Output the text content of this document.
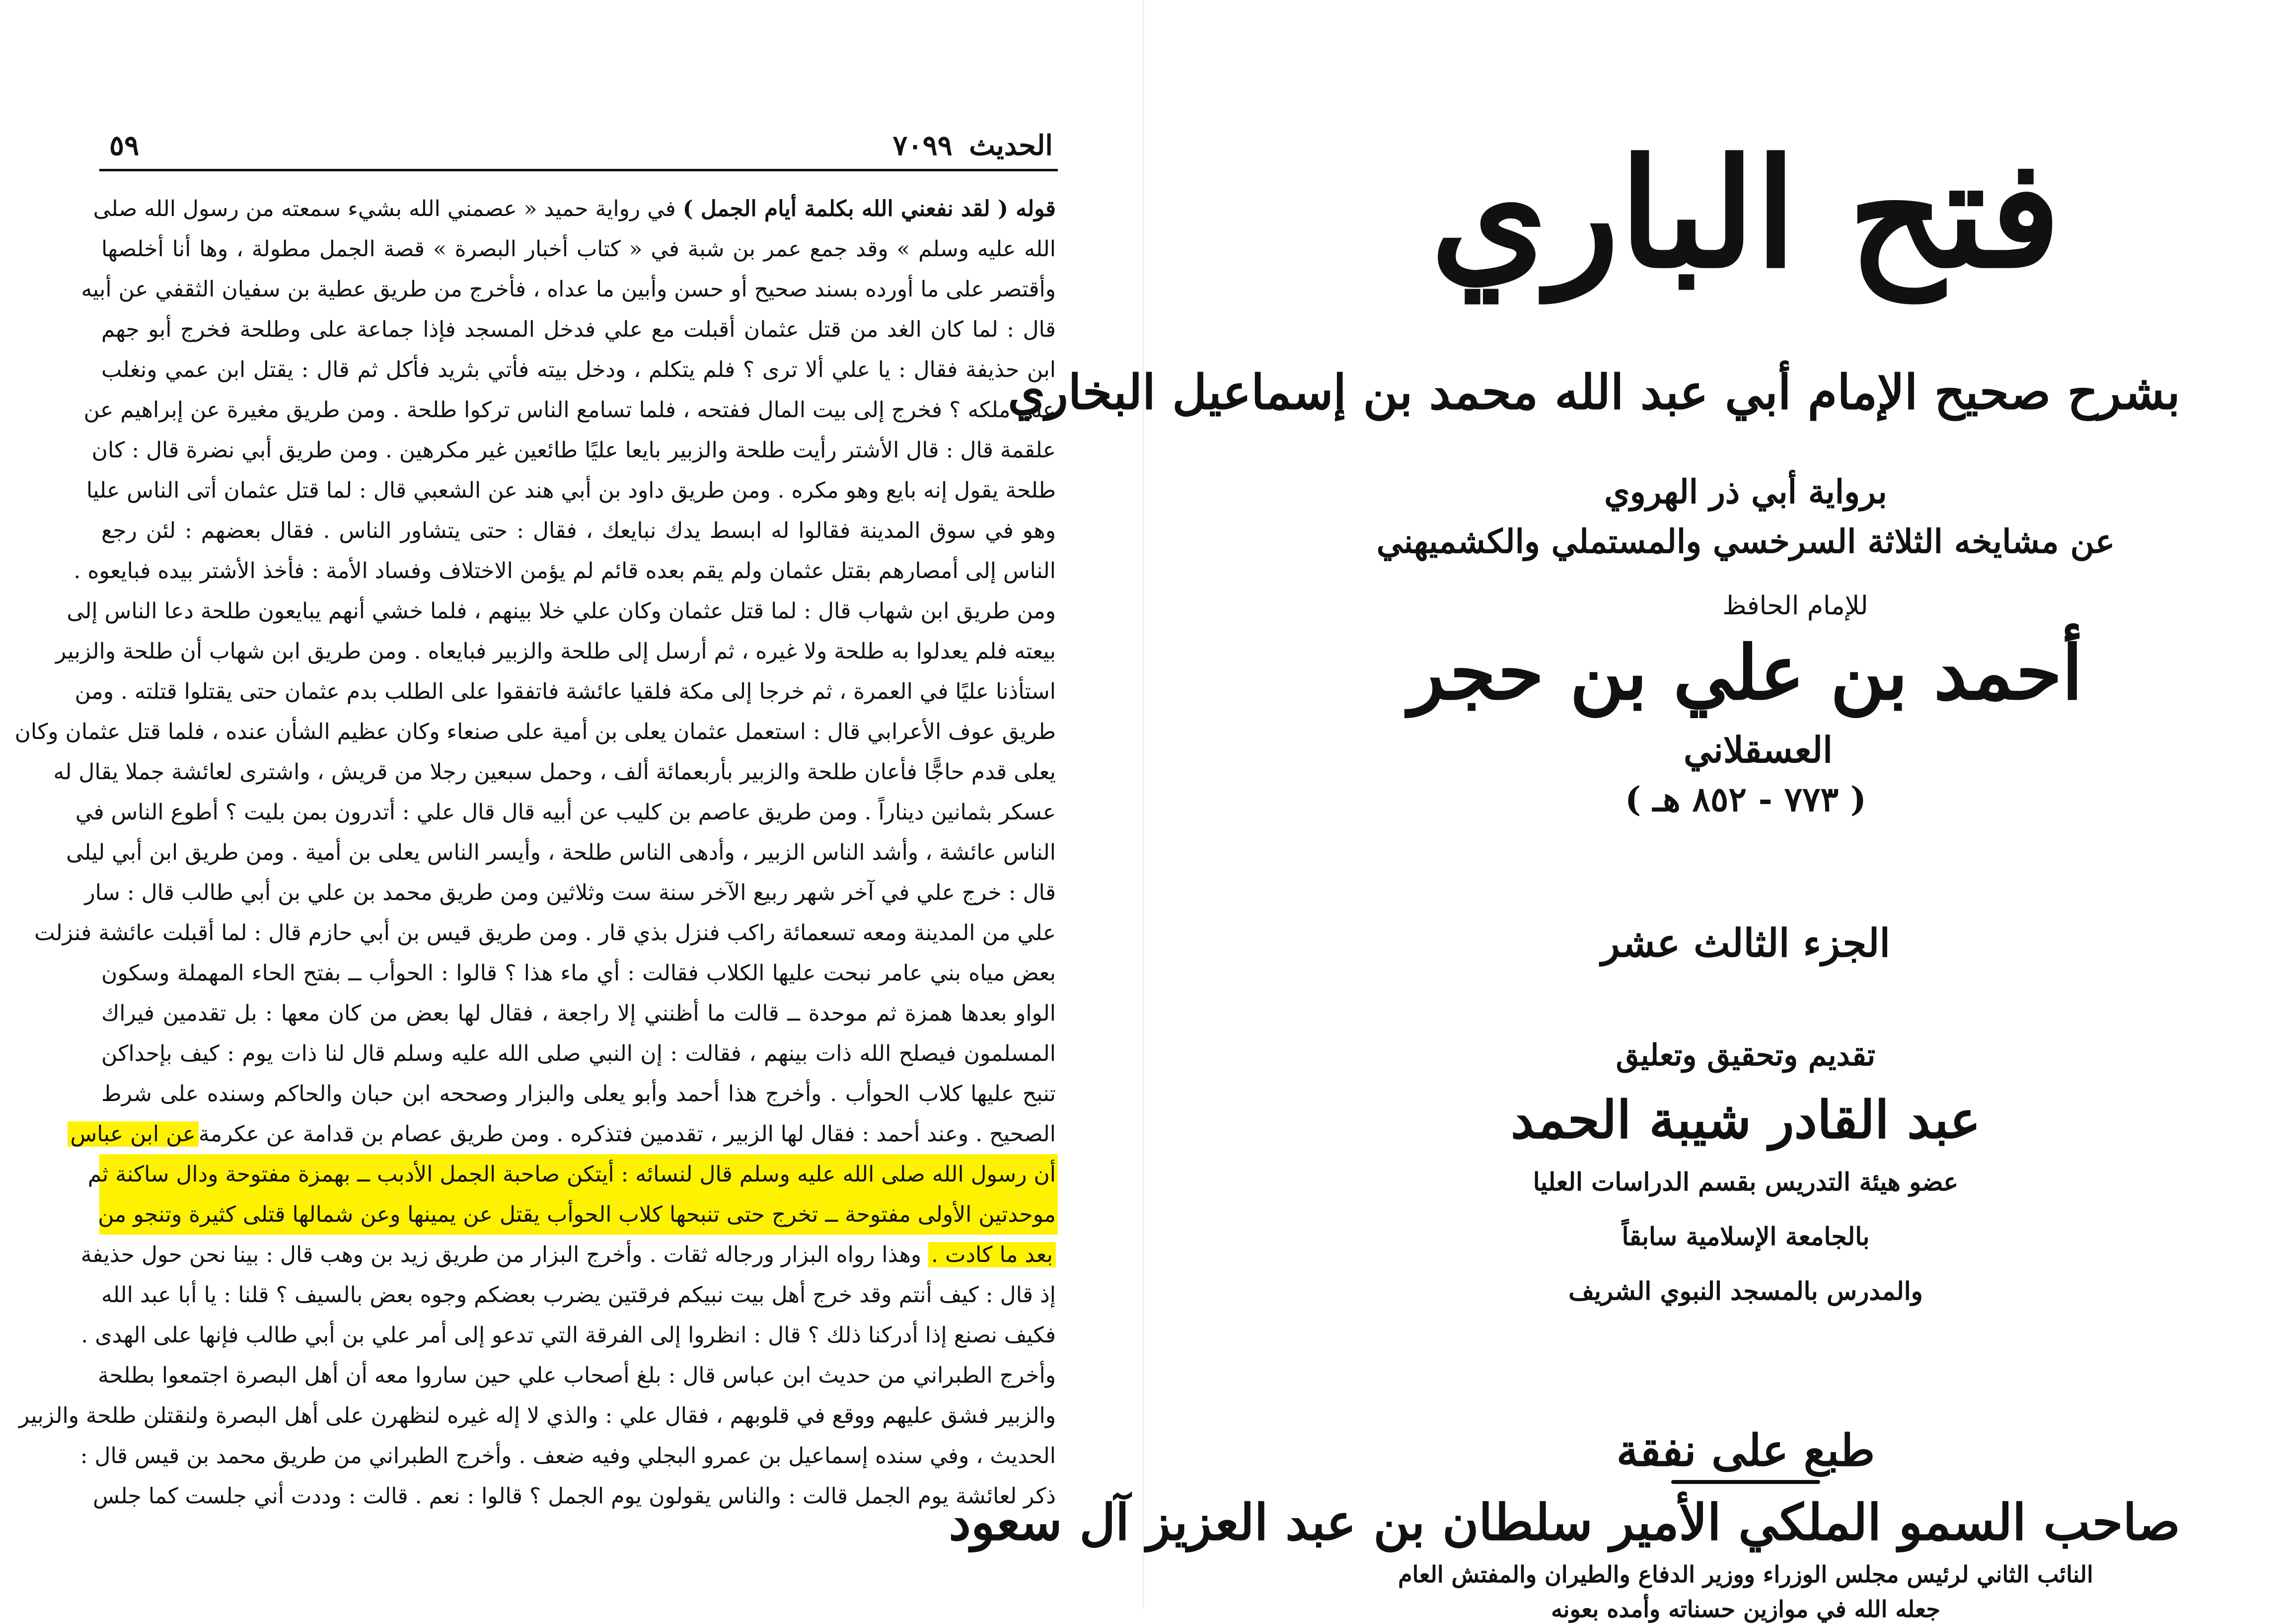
الحديث ٧٠٩٩
٥٩
قوله ( لقد نفعني الله بكلمة أيام الجمل ) في رواية حميد « عصمني الله بشيء سمعته من رسول الله صلى
الله عليه وسلم » وقد جمع عمر بن شبة في « كتاب أخبار البصرة » قصة الجمل مطولة ، وها أنا أخلصها
وأقتصر على ما أورده بسند صحيح أو حسن وأبين ما عداه ، فأخرج من طريق عطية بن سفيان الثقفي عن أبيه
قال : لما كان الغد من قتل عثمان أقبلت مع علي فدخل المسجد فإذا جماعة على وطلحة فخرج أبو جهم
ابن حذيفة فقال : يا علي ألا ترى ؟ فلم يتكلم ، ودخل بيته فأتي بثريد فأكل ثم قال : يقتل ابن عمي ونغلب
على ملكه ؟ فخرج إلى بيت المال ففتحه ، فلما تسامع الناس تركوا طلحة . ومن طريق مغيرة عن إبراهيم عن
علقمة قال : قال الأشتر رأيت طلحة والزبير بايعا عليًا طائعين غير مكرهين . ومن طريق أبي نضرة قال : كان
طلحة يقول إنه بايع وهو مكره . ومن طريق داود بن أبي هند عن الشعبي قال : لما قتل عثمان أتى الناس عليا
وهو في سوق المدينة فقالوا له ابسط يدك نبايعك ، فقال : حتى يتشاور الناس . فقال بعضهم : لئن رجع
الناس إلى أمصارهم بقتل عثمان ولم يقم بعده قائم لم يؤمن الاختلاف وفساد الأمة : فأخذ الأشتر بيده فبايعوه .
ومن طريق ابن شهاب قال : لما قتل عثمان وكان علي خلا بينهم ، فلما خشي أنهم يبايعون طلحة دعا الناس إلى
بيعته فلم يعدلوا به طلحة ولا غيره ، ثم أرسل إلى طلحة والزبير فبايعاه . ومن طريق ابن شهاب أن طلحة والزبير
استأذنا عليًا في العمرة ، ثم خرجا إلى مكة فلقيا عائشة فاتفقوا على الطلب بدم عثمان حتى يقتلوا قتلته . ومن
طريق عوف الأعرابي قال : استعمل عثمان يعلى بن أمية على صنعاء وكان عظيم الشأن عنده ، فلما قتل عثمان وكان
يعلى قدم حاجًّا فأعان طلحة والزبير بأربعمائة ألف ، وحمل سبعين رجلا من قريش ، واشترى لعائشة جملا يقال له
عسكر بثمانين ديناراً . ومن طريق عاصم بن كليب عن أبيه قال قال علي : أتدرون بمن بليت ؟ أطوع الناس في
الناس عائشة ، وأشد الناس الزبير ، وأدهى الناس طلحة ، وأيسر الناس يعلى بن أمية . ومن طريق ابن أبي ليلى
قال : خرج علي في آخر شهر ربيع الآخر سنة ست وثلاثين ومن طريق محمد بن علي بن أبي طالب قال : سار
علي من المدينة ومعه تسعمائة راكب فنزل بذي قار . ومن طريق قيس بن أبي حازم قال : لما أقبلت عائشة فنزلت
بعض مياه بني عامر نبحت عليها الكلاب فقالت : أي ماء هذا ؟ قالوا : الحوأب ــ بفتح الحاء المهملة وسكون
الواو بعدها همزة ثم موحدة ــ قالت ما أظنني إلا راجعة ، فقال لها بعض من كان معها : بل تقدمين فيراك
المسلمون فيصلح الله ذات بينهم ، فقالت : إن النبي صلى الله عليه وسلم قال لنا ذات يوم : كيف بإحداكن
تنبح عليها كلاب الحوأب . وأخرج هذا أحمد وأبو يعلى والبزار وصححه ابن حبان والحاكم وسنده على شرط
الصحيح . وعند أحمد : فقال لها الزبير ، تقدمين فتذكره . ومن طريق عصام بن قدامة عن عكرمةعن ابن عباس
أن رسول الله صلى الله عليه وسلم قال لنسائه : أيتكن صاحبة الجمل الأدبب ــ بهمزة مفتوحة ودال ساكنة ثم
موحدتين الأولى مفتوحة ــ تخرج حتى تنبحها كلاب الحوأب يقتل عن يمينها وعن شمالها قتلى كثيرة وتنجو من
بعد ما كادت . وهذا رواه البزار ورجاله ثقات . وأخرج البزار من طريق زيد بن وهب قال : بينا نحن حول حذيفة
إذ قال : كيف أنتم وقد خرج أهل بيت نبيكم فرقتين يضرب بعضكم وجوه بعض بالسيف ؟ قلنا : يا أبا عبد الله
فكيف نصنع إذا أدركنا ذلك ؟ قال : انظروا إلى الفرقة التي تدعو إلى أمر علي بن أبي طالب فإنها على الهدى .
وأخرج الطبراني من حديث ابن عباس قال : بلغ أصحاب علي حين ساروا معه أن أهل البصرة اجتمعوا بطلحة
والزبير فشق عليهم ووقع في قلوبهم ، فقال علي : والذي لا إله غيره لنظهرن على أهل البصرة ولنقتلن طلحة والزبير
الحديث ، وفي سنده إسماعيل بن عمرو البجلي وفيه ضعف . وأخرج الطبراني من طريق محمد بن قيس قال :
ذكر لعائشة يوم الجمل قالت : والناس يقولون يوم الجمل ؟ قالوا : نعم . قالت : وددت أني جلست كما جلس
فتح الباري
بشرح صحيح الإمام أبي عبد الله محمد بن إسماعيل البخاري
برواية أبي ذر الهروي
عن مشايخه الثلاثة السرخسي والمستملي والكشميهني
للإمام الحافظ
أحمد بن علي بن حجر
العسقلاني
( ٧٧٣ - ٨٥٢ هـ )
الجزء الثالث عشر
تقديم وتحقيق وتعليق
عبد القادر شيبة الحمد
عضو هيئة التدريس بقسم الدراسات العليا
بالجامعة الإسلامية سابقاً
والمدرس بالمسجد النبوي الشريف
طبع على نفقة
صاحب السمو الملكي الأمير سلطان بن عبد العزيز آل سعود
النائب الثاني لرئيس مجلس الوزراء ووزير الدفاع والطيران والمفتش العام
جعله الله في موازين حسناته وأمده بعونه
